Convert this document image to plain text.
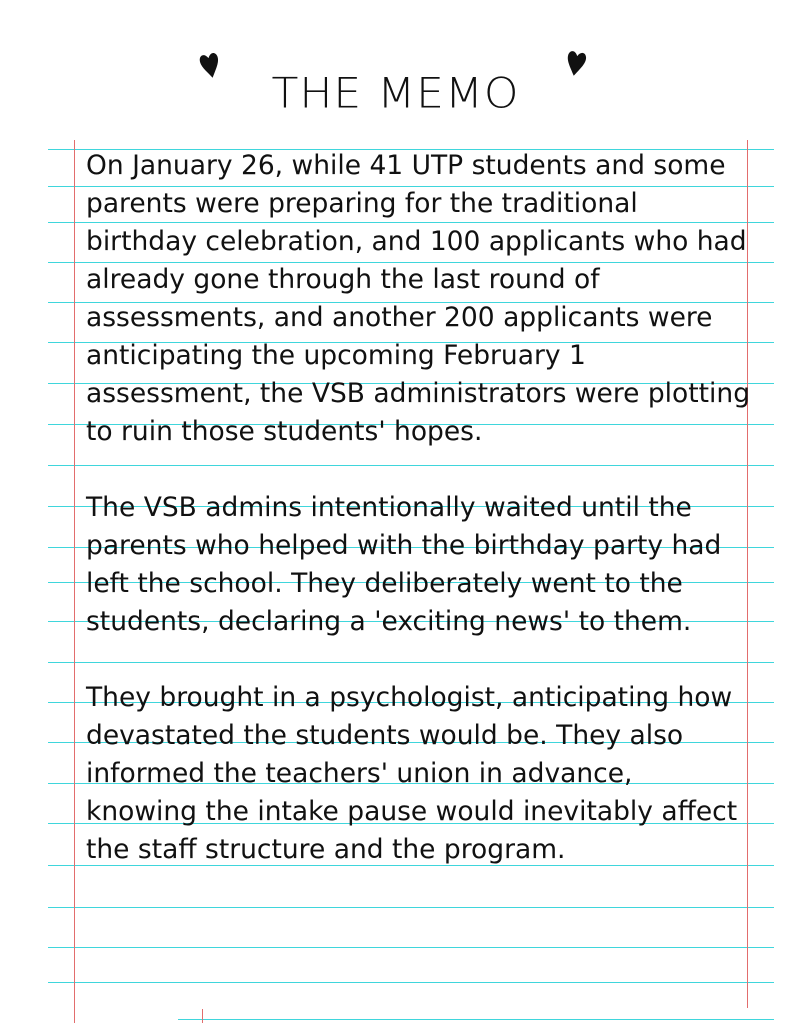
THE MEMO

On January 26, while 41 UTP students and some parents were preparing for the traditional birthday celebration, and 100 applicants who had already gone through the last round of assessments, and another 200 applicants were anticipating the upcoming February 1 assessment, the VSB administrators were plotting to ruin those students' hopes.

The VSB admins intentionally waited until the parents who helped with the birthday party had left the school. They deliberately went to the students, declaring a 'exciting news' to them.

They brought in a psychologist, anticipating how devastated the students would be. They also informed the teachers' union in advance, knowing the intake pause would inevitably affect the staff structure and the program.
